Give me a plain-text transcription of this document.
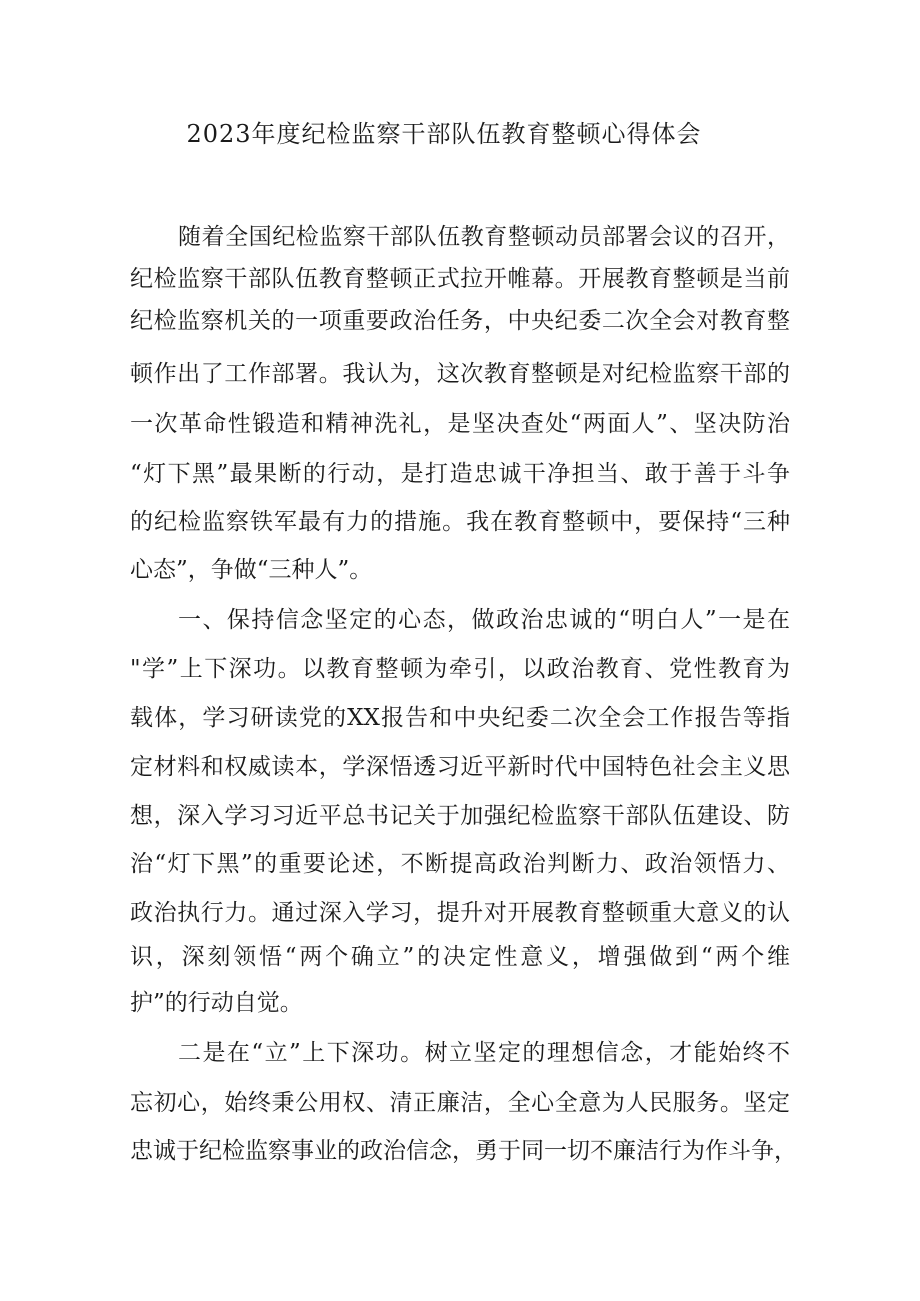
2023年度纪检监察干部队伍教育整顿心得体会

随着全国纪检监察干部队伍教育整顿动员部署会议的召开，

纪检监察干部队伍教育整顿正式拉开帷幕。开展教育整顿是当前

纪检监察机关的一项重要政治任务，中央纪委二次全会对教育整

顿作出了工作部署。我认为，这次教育整顿是对纪检监察干部的

一次革命性锻造和精神洗礼，是坚决查处“两面人”、坚决防治

“灯下黑”最果断的行动，是打造忠诚干净担当、敢于善于斗争

的纪检监察铁军最有力的措施。我在教育整顿中，要保持“三种

心态”，争做“三种人”。

一、保持信念坚定的心态，做政治忠诚的“明白人”一是在

"学”上下深功。以教育整顿为牵引，以政治教育、党性教育为

载体，学习研读党的XX报告和中央纪委二次全会工作报告等指

定材料和权威读本，学深悟透习近平新时代中国特色社会主义思

想，深入学习习近平总书记关于加强纪检监察干部队伍建设、防

治“灯下黑”的重要论述，不断提高政治判断力、政治领悟力、

政治执行力。通过深入学习，提升对开展教育整顿重大意义的认

识，深刻领悟“两个确立”的决定性意义，增强做到“两个维

护”的行动自觉。

二是在“立”上下深功。树立坚定的理想信念，才能始终不

忘初心，始终秉公用权、清正廉洁，全心全意为人民服务。坚定

忠诚于纪检监察事业的政治信念，勇于同一切不廉洁行为作斗争，
